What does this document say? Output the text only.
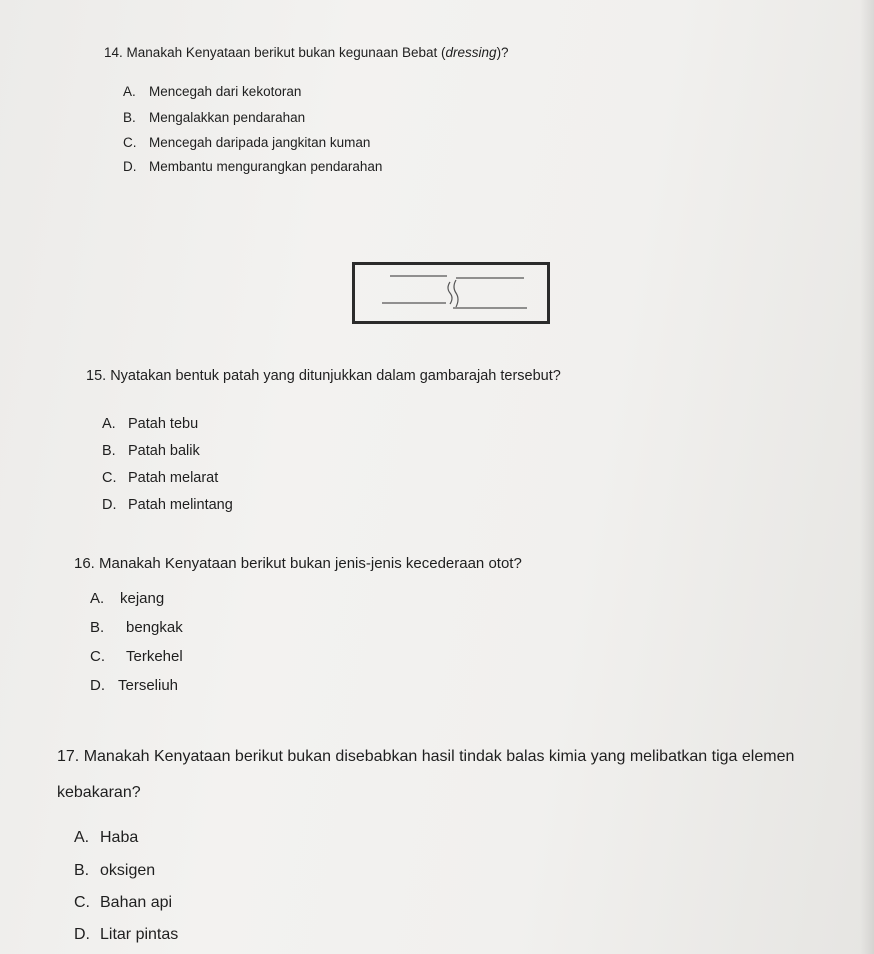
14. Manakah Kenyataan berikut bukan kegunaan Bebat (dressing)?

A. Mencegah dari kekotoran
B. Mengalakkan pendarahan
C. Mencegah daripada jangkitan kuman
D. Membantu mengurangkan pendarahan

15. Nyatakan bentuk patah yang ditunjukkan dalam gambarajah tersebut?

A. Patah tebu
B. Patah balik
C. Patah melarat
D. Patah melintang

16. Manakah Kenyataan berikut bukan jenis-jenis kecederaan otot?

A. kejang
B. bengkak
C. Terkehel
D. Terseliuh

17. Manakah Kenyataan berikut bukan disebabkan hasil tindak balas kimia yang melibatkan tiga elemen kebakaran?

A. Haba
B. oksigen
C. Bahan api
D. Litar pintas
